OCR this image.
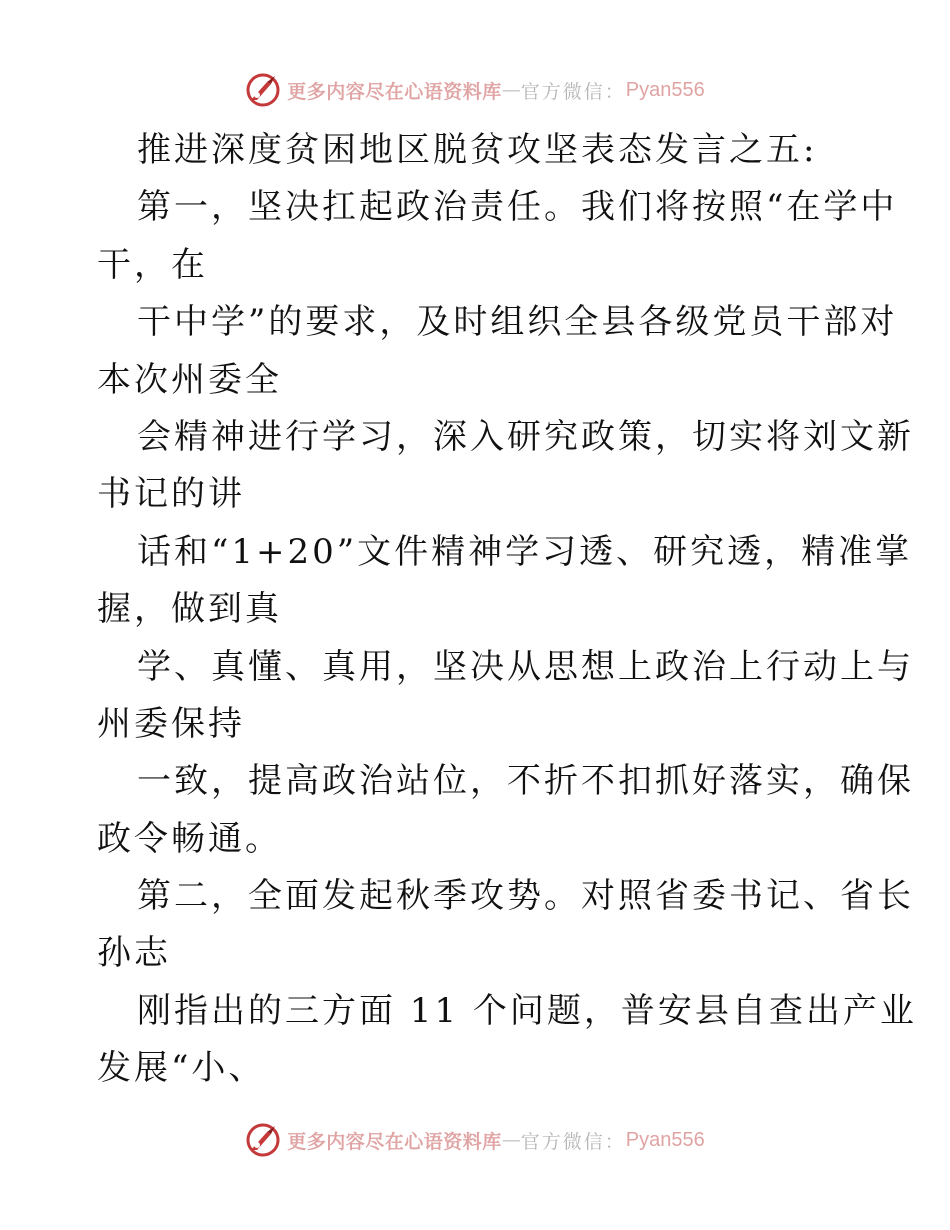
更多内容尽在心语资料库 — 官方微信： Pyan556
推进深度贫困地区脱贫攻坚表态发言之五:
第一，坚决扛起政治责任。我们将按照“在学中
干，在
干中学”的要求，及时组织全县各级党员干部对
本次州委全
会精神进行学习，深入研究政策，切实将刘文新
书记的讲
话和“1+20”文件精神学习透、研究透，精准掌
握，做到真
学、真懂、真用，坚决从思想上政治上行动上与
州委保持
一致，提高政治站位，不折不扣抓好落实，确保
政令畅通。
第二，全面发起秋季攻势。对照省委书记、省长
孙志
刚指出的三方面 11 个问题，普安县自查出产业
发展“小、
更多内容尽在心语资料库 — 官方微信： Pyan556
